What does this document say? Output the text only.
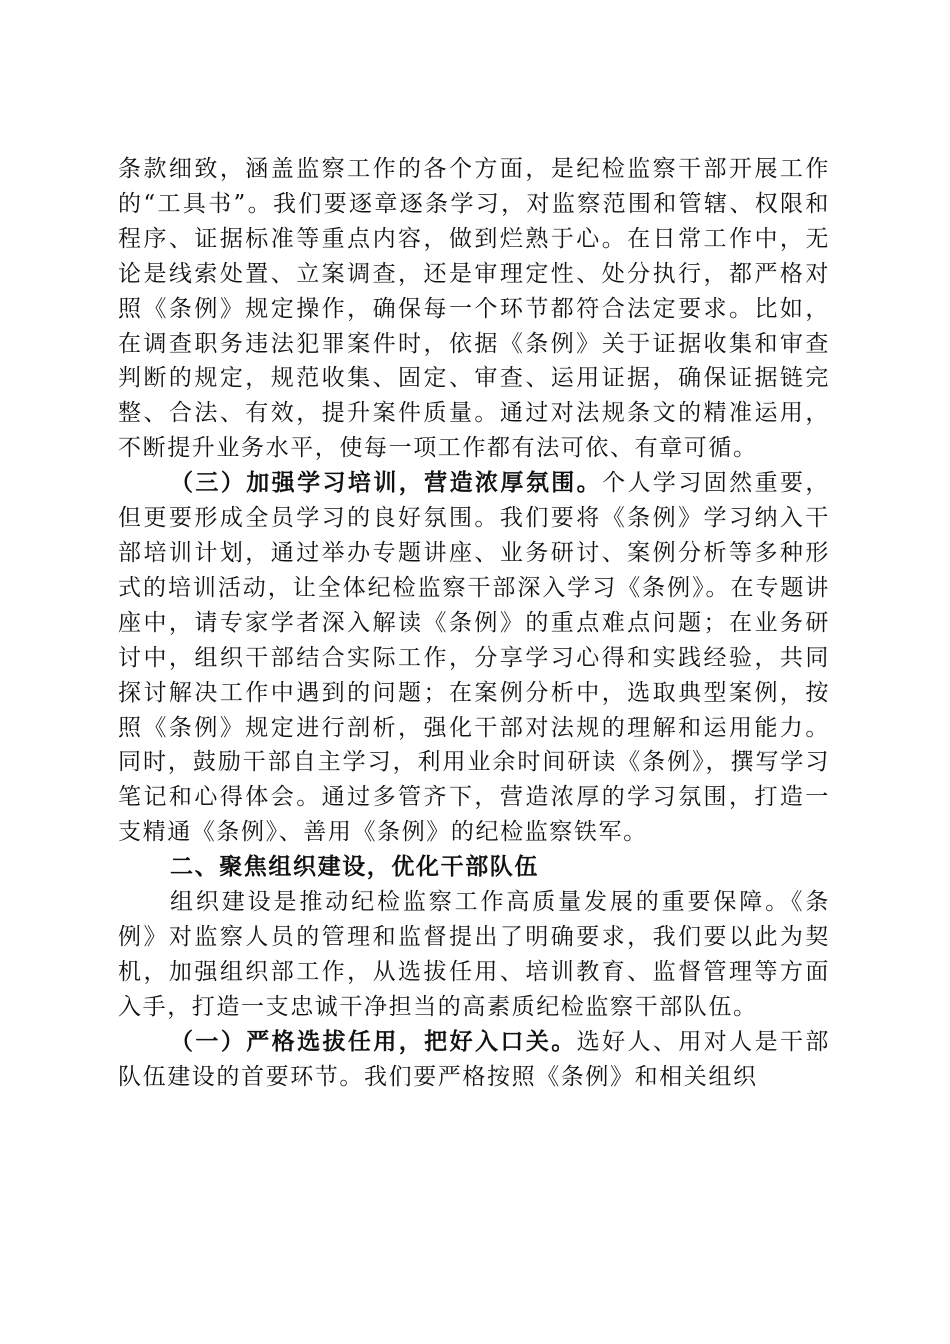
条款细致，涵盖监察工作的各个方面，是纪检监察干部开展工作的“工具书”。我们要逐章逐条学习，对监察范围和管辖、权限和程序、证据标准等重点内容，做到烂熟于心。在日常工作中，无论是线索处置、立案调查，还是审理定性、处分执行，都严格对照《条例》规定操作，确保每一个环节都符合法定要求。比如，在调查职务违法犯罪案件时，依据《条例》关于证据收集和审查判断的规定，规范收集、固定、审查、运用证据，确保证据链完整、合法、有效，提升案件质量。通过对法规条文的精准运用，不断提升业务水平，使每一项工作都有法可依、有章可循。

（三）加强学习培训，营造浓厚氛围。个人学习固然重要，但更要形成全员学习的良好氛围。我们要将《条例》学习纳入干部培训计划，通过举办专题讲座、业务研讨、案例分析等多种形式的培训活动，让全体纪检监察干部深入学习《条例》。在专题讲座中，请专家学者深入解读《条例》的重点难点问题；在业务研讨中，组织干部结合实际工作，分享学习心得和实践经验，共同探讨解决工作中遇到的问题；在案例分析中，选取典型案例，按照《条例》规定进行剖析，强化干部对法规的理解和运用能力。同时，鼓励干部自主学习，利用业余时间研读《条例》，撰写学习笔记和心得体会。通过多管齐下，营造浓厚的学习氛围，打造一支精通《条例》、善用《条例》的纪检监察铁军。

二、聚焦组织建设，优化干部队伍

组织建设是推动纪检监察工作高质量发展的重要保障。《条例》对监察人员的管理和监督提出了明确要求，我们要以此为契机，加强组织部工作，从选拔任用、培训教育、监督管理等方面入手，打造一支忠诚干净担当的高素质纪检监察干部队伍。

（一）严格选拔任用，把好入口关。选好人、用对人是干部队伍建设的首要环节。我们要严格按照《条例》和相关组织
